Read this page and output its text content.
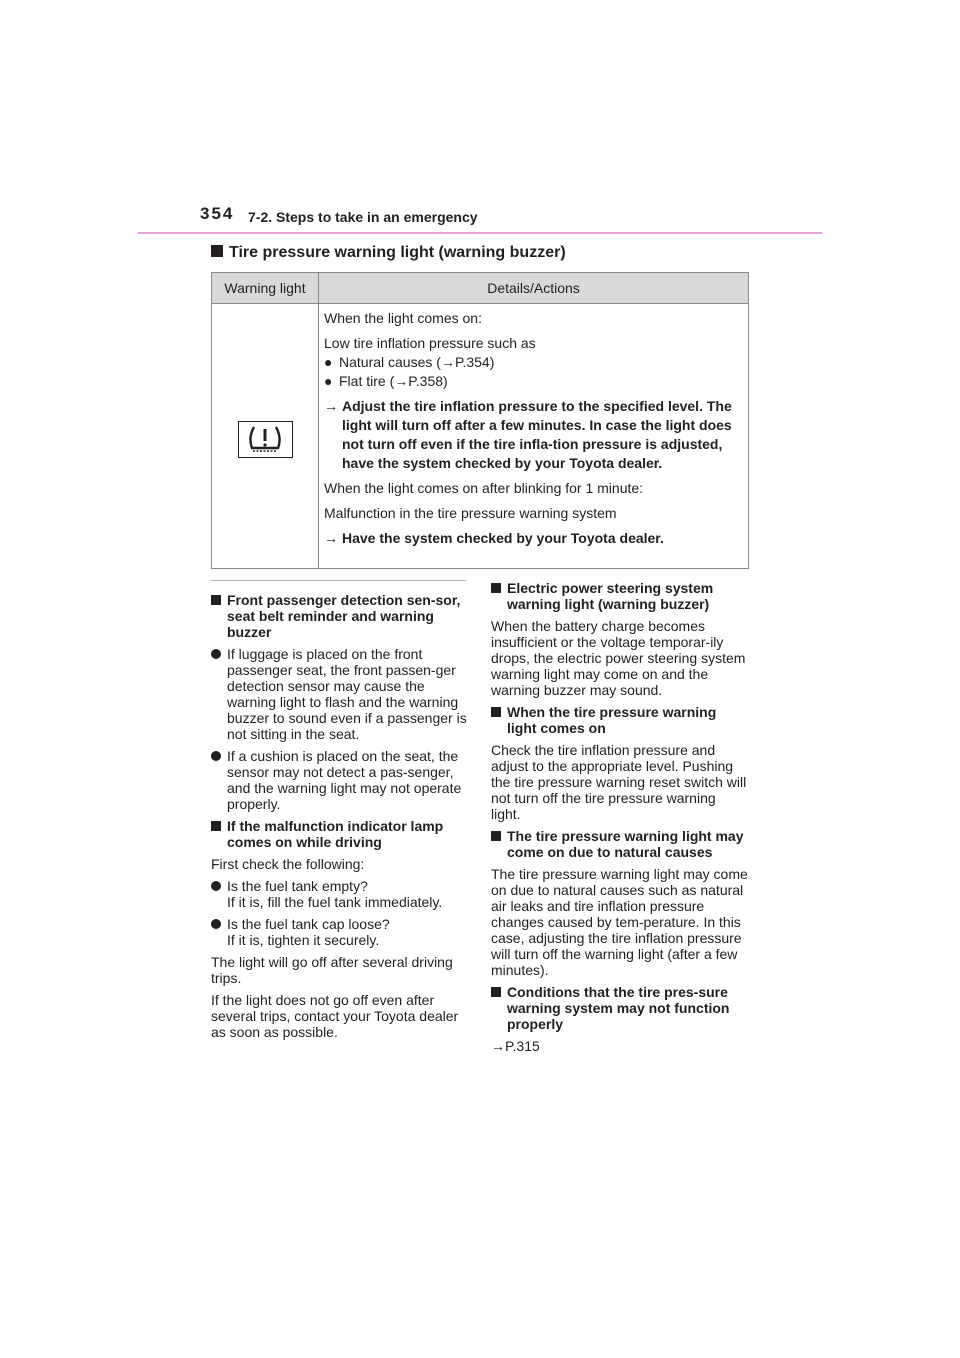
354 7-2. Steps to take in an emergency
Tire pressure warning light (warning buzzer)
Warning light	Details/Actions

When the light comes on:

Low tire inflation pressure such as

● Natural causes (→P.354)
● Flat tire (→P.358)
→ Adjust the tire inflation pressure to the specified level. The light will turn off after a few minutes. In case the light does not turn off even if the tire infla-tion pressure is adjusted, have the system checked by your Toyota dealer.

When the light comes on after blinking for 1 minute:

Malfunction in the tire pressure warning system

→ Have the system checked by your Toyota dealer.
Front passenger detection sen-sor, seat belt reminder and warning buzzer
If luggage is placed on the front passenger seat, the front passen-ger detection sensor may cause the warning light to flash and the warning buzzer to sound even if a passenger is not sitting in the seat.
If a cushion is placed on the seat, the sensor may not detect a pas-senger, and the warning light may not operate properly.
If the malfunction indicator lamp comes on while driving

First check the following:

Is the fuel tank empty?
If it is, fill the fuel tank immediately.
Is the fuel tank cap loose?
If it is, tighten it securely.

The light will go off after several driving trips.

If the light does not go off even after several trips, contact your Toyota dealer as soon as possible.

Electric power steering system warning light (warning buzzer)

When the battery charge becomes insufficient or the voltage temporar-ily drops, the electric power steering system warning light may come on and the warning buzzer may sound.

When the tire pressure warning light comes on

Check the tire inflation pressure and adjust to the appropriate level. Pushing the tire pressure warning reset switch will not turn off the tire pressure warning light.

The tire pressure warning light may come on due to natural causes

The tire pressure warning light may come on due to natural causes such as natural air leaks and tire inflation pressure changes caused by tem-perature. In this case, adjusting the tire inflation pressure will turn off the warning light (after a few minutes).

Conditions that the tire pres-sure warning system may not function properly

→P.315
